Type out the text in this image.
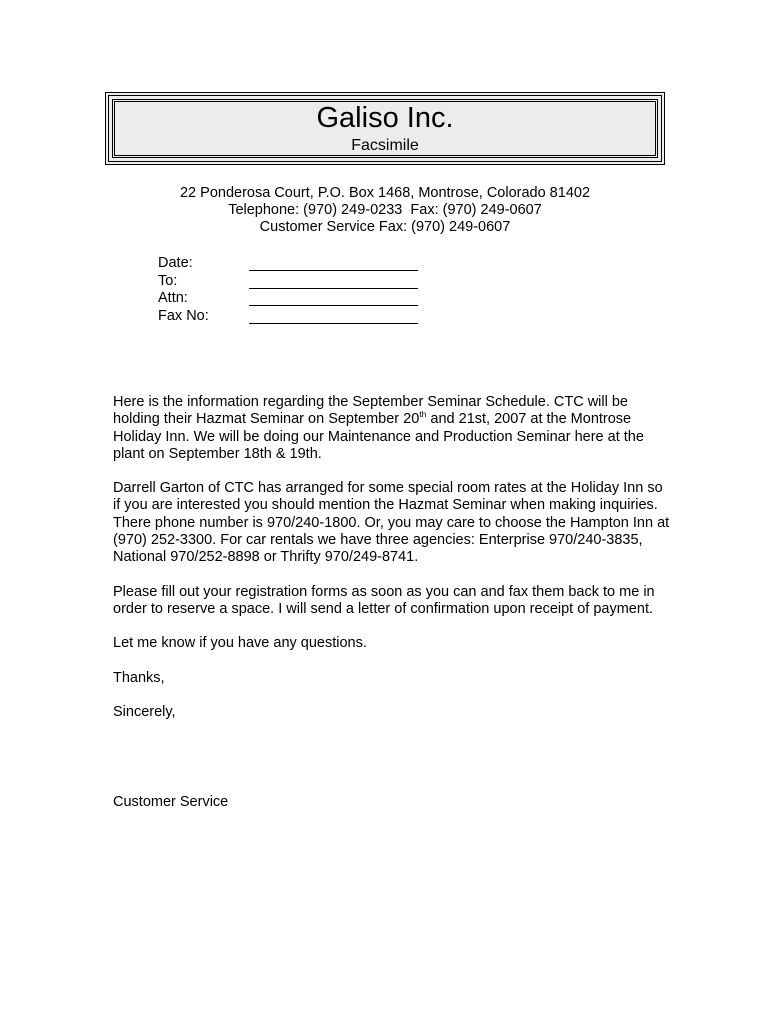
Galiso Inc.
Facsimile
22 Ponderosa Court, P.O. Box 1468, Montrose, Colorado 81402
Telephone: (970) 249-0233  Fax: (970) 249-0607
Customer Service Fax: (970) 249-0607
Date:
To:
Attn:
Fax No:

Here is the information regarding the September Seminar Schedule. CTC will be holding their Hazmat Seminar on September 20th and 21st, 2007 at the Montrose Holiday Inn. We will be doing our Maintenance and Production Seminar here at the plant on September 18th & 19th.

Darrell Garton of CTC has arranged for some special room rates at the Holiday Inn so if you are interested you should mention the Hazmat Seminar when making inquiries. There phone number is 970/240-1800. Or, you may care to choose the Hampton Inn at (970) 252-3300. For car rentals we have three agencies: Enterprise 970/240-3835, National 970/252-8898 or Thrifty 970/249-8741.

Please fill out your registration forms as soon as you can and fax them back to me in order to reserve a space. I will send a letter of confirmation upon receipt of payment.

Let me know if you have any questions.

Thanks,

Sincerely,

Customer Service
